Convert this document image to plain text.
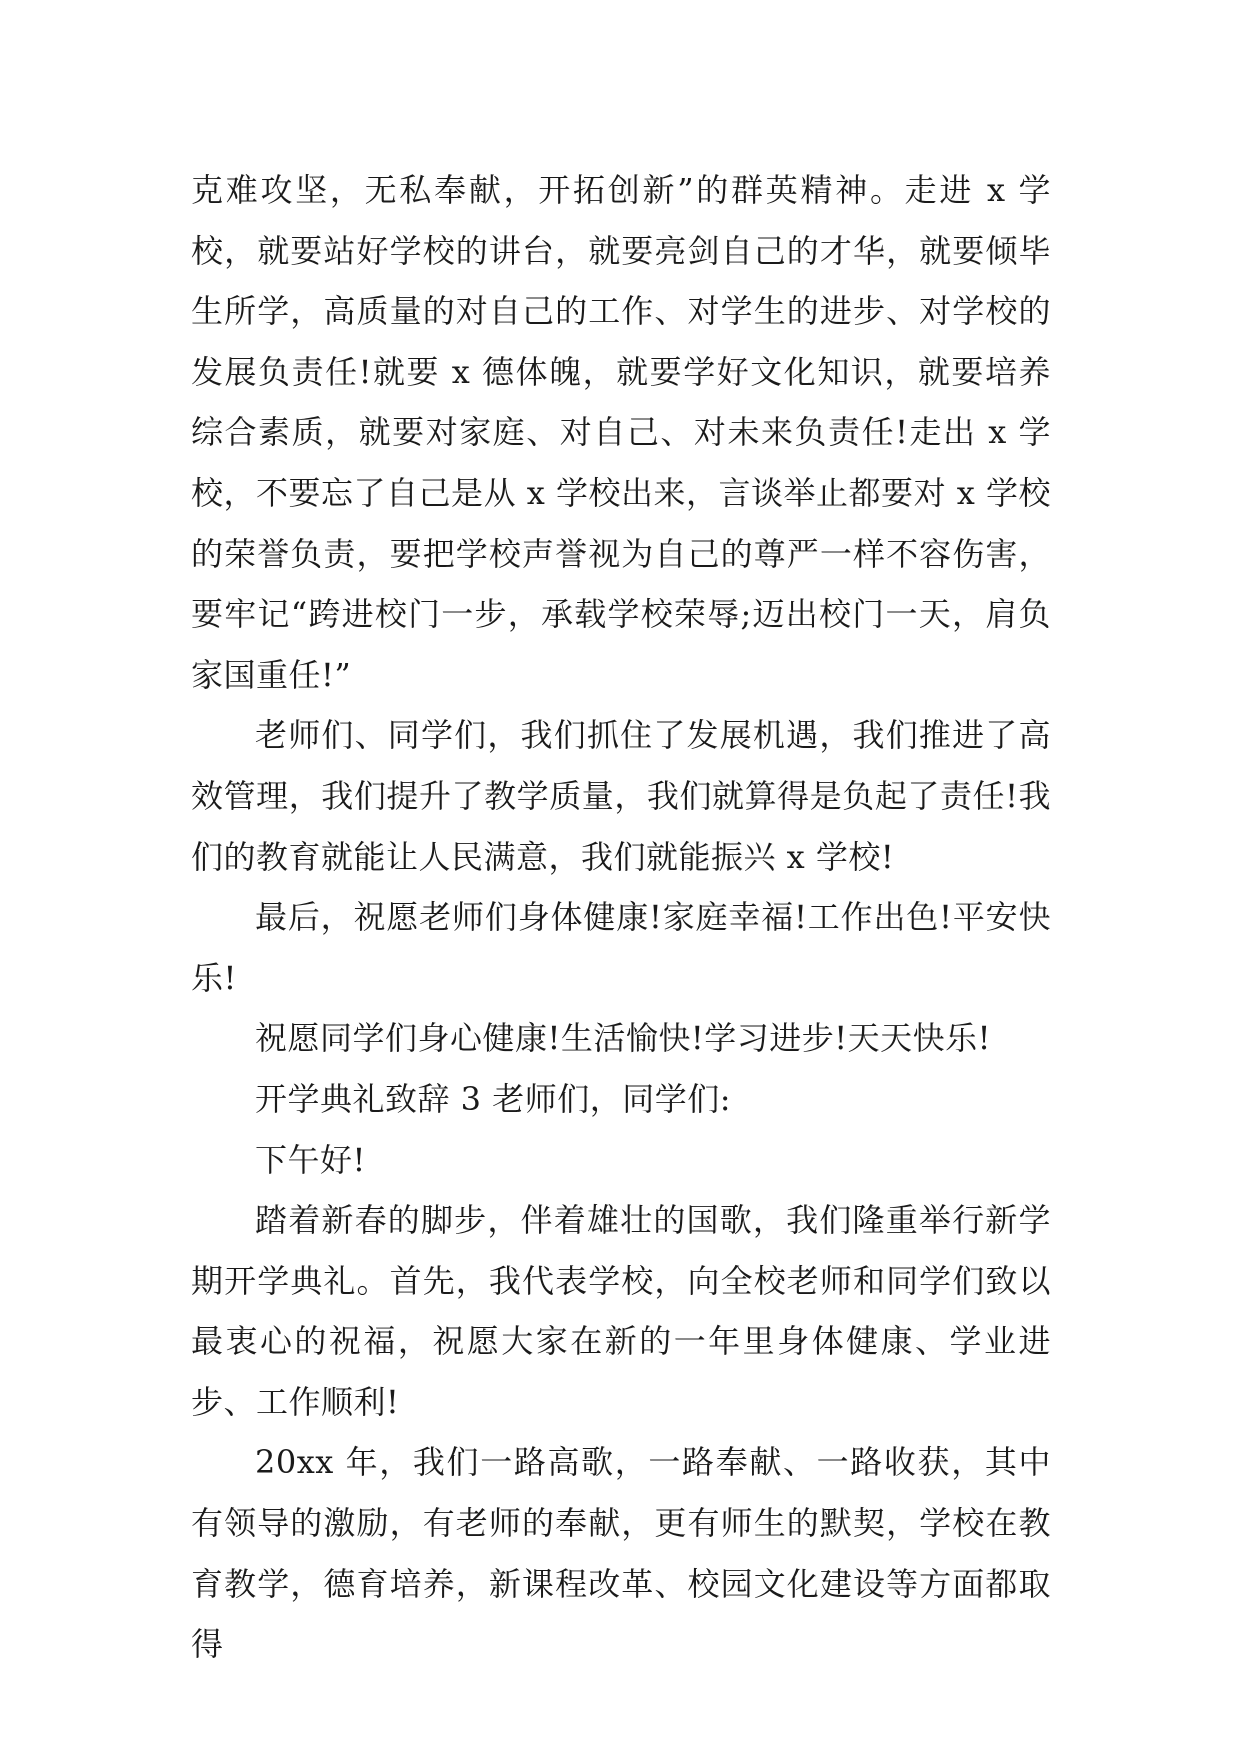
克难攻坚，无私奉献，开拓创新”的群英精神。走进 x 学校，就要站好学校的讲台，就要亮剑自己的才华，就要倾毕生所学，高质量的对自己的工作、对学生的进步、对学校的发展负责任!就要 x 德体魄，就要学好文化知识，就要培养综合素质，就要对家庭、对自己、对未来负责任!走出 x 学校，不要忘了自己是从 x 学校出来，言谈举止都要对 x 学校的荣誉负责，要把学校声誉视为自己的尊严一样不容伤害，要牢记“跨进校门一步，承载学校荣辱;迈出校门一天，肩负家国重任!”

老师们、同学们，我们抓住了发展机遇，我们推进了高效管理，我们提升了教学质量，我们就算得是负起了责任!我们的教育就能让人民满意，我们就能振兴 x 学校!

最后，祝愿老师们身体健康!家庭幸福!工作出色!平安快乐!

祝愿同学们身心健康!生活愉快!学习进步!天天快乐!

开学典礼致辞 3 老师们，同学们:

下午好!

踏着新春的脚步，伴着雄壮的国歌，我们隆重举行新学期开学典礼。首先，我代表学校，向全校老师和同学们致以最衷心的祝福，祝愿大家在新的一年里身体健康、学业进步、工作顺利!

20xx 年，我们一路高歌，一路奉献、一路收获，其中有领导的激励，有老师的奉献，更有师生的默契，学校在教育教学，德育培养，新课程改革、校园文化建设等方面都取得
